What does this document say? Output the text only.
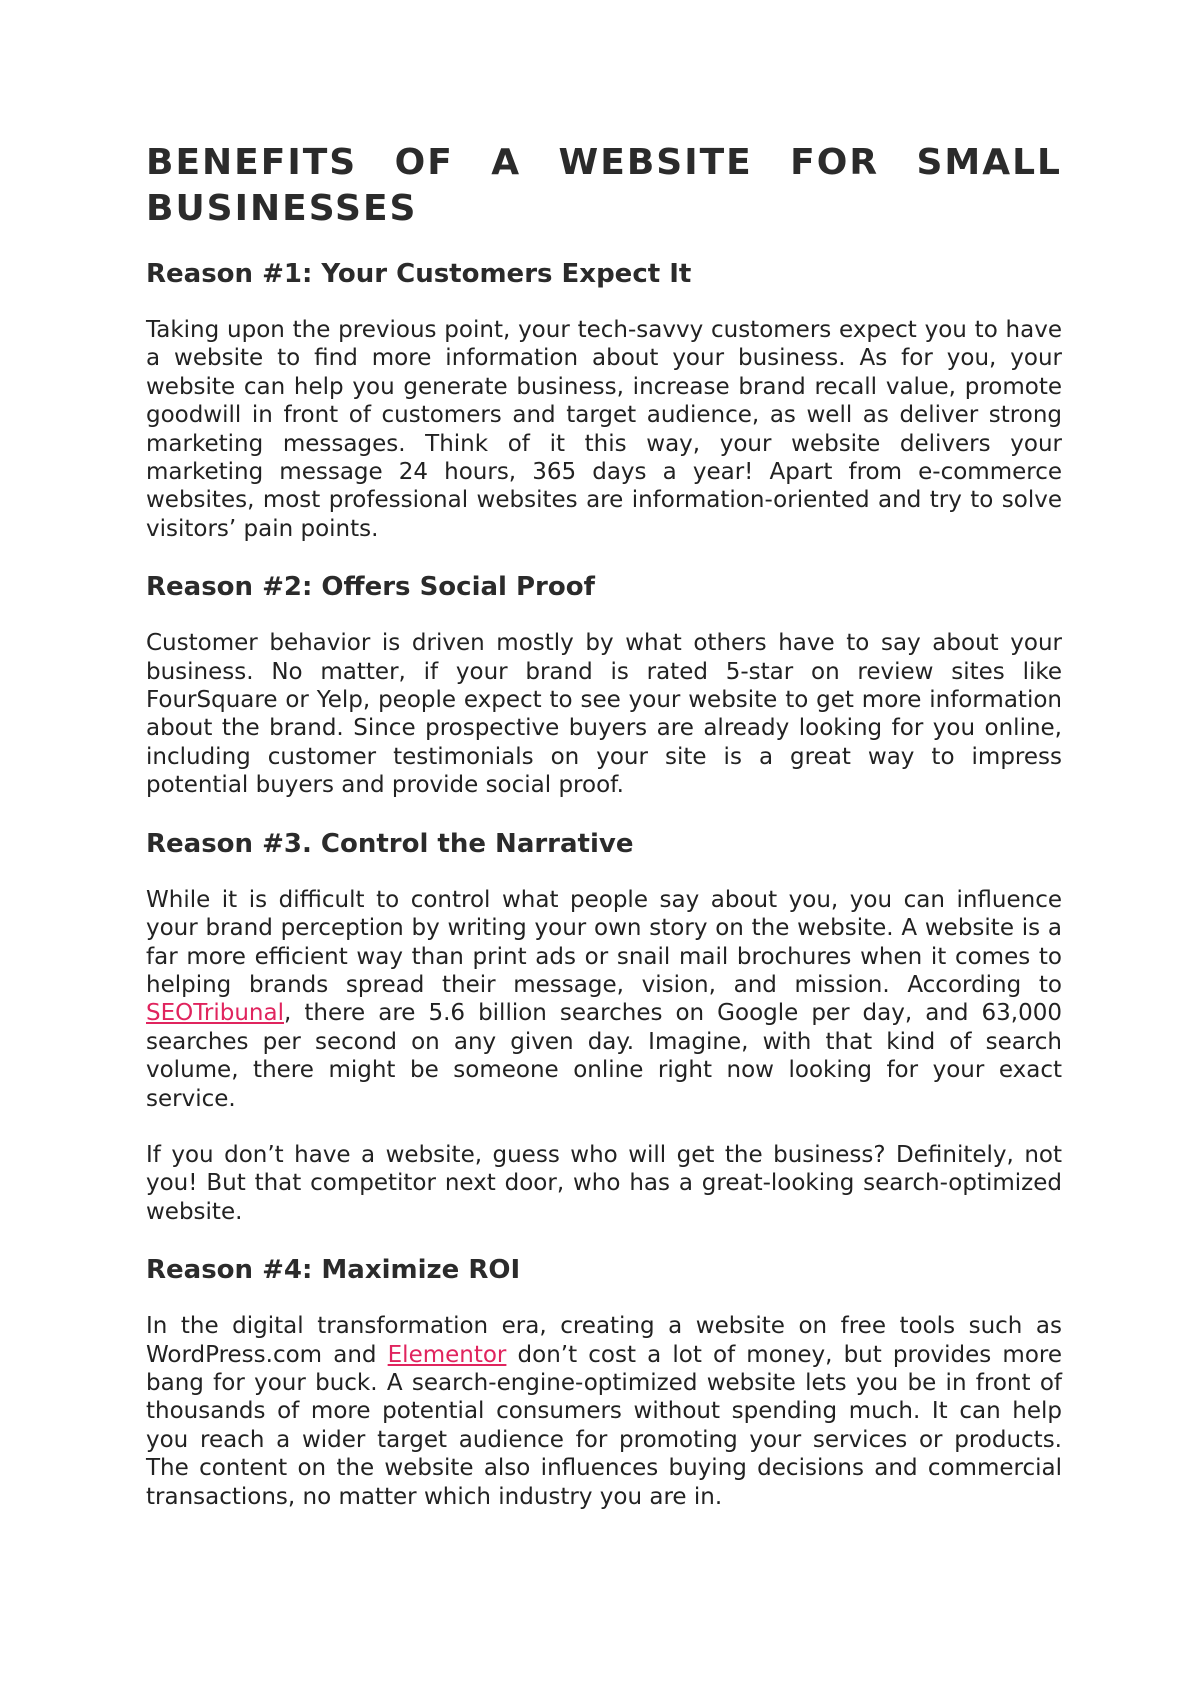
BENEFITS OF A WEBSITE FOR SMALL BUSINESSES
Reason #1: Your Customers Expect It

Taking upon the previous point, your tech-savvy customers expect you to have a website to find more information about your business. As for you, your website can help you generate business, increase brand recall value, promote goodwill in front of customers and target audience, as well as deliver strong marketing messages. Think of it this way, your website delivers your marketing message 24 hours, 365 days a year! Apart from e-commerce websites, most professional websites are information-oriented and try to solve visitors’ pain points.

Reason #2: Offers Social Proof

Customer behavior is driven mostly by what others have to say about your business. No matter, if your brand is rated 5-star on review sites like FourSquare or Yelp, people expect to see your website to get more information about the brand. Since prospective buyers are already looking for you online, including customer testimonials on your site is a great way to impress potential buyers and provide social proof.

Reason #3. Control the Narrative

While it is difficult to control what people say about you, you can influence your brand perception by writing your own story on the website. A website is a far more efficient way than print ads or snail mail brochures when it comes to helping brands spread their message, vision, and mission. According to SEOTribunal, there are 5.6 billion searches on Google per day, and 63,000 searches per second on any given day. Imagine, with that kind of search volume, there might be someone online right now looking for your exact service.

If you don’t have a website, guess who will get the business? Definitely, not you! But that competitor next door, who has a great-looking search-optimized website.

Reason #4: Maximize ROI

In the digital transformation era, creating a website on free tools such as WordPress.com and Elementor don’t cost a lot of money, but provides more bang for your buck. A search-engine-optimized website lets you be in front of thousands of more potential consumers without spending much. It can help you reach a wider target audience for promoting your services or products. The content on the website also influences buying decisions and commercial transactions, no matter which industry you are in.
